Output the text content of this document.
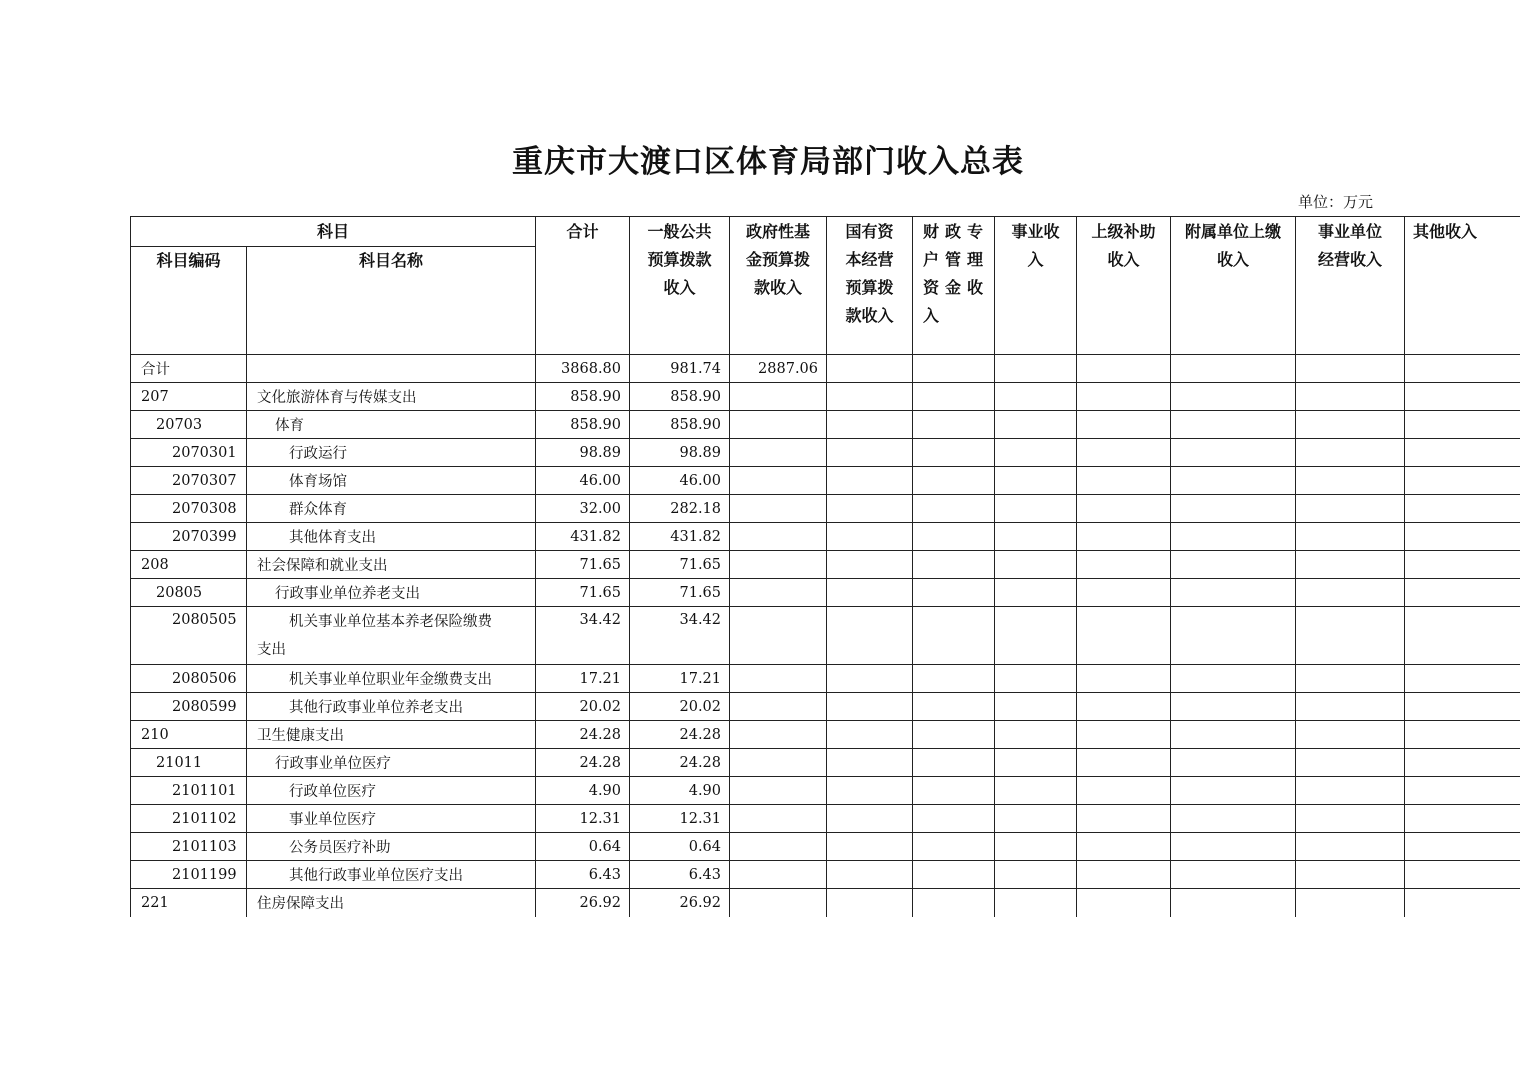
重庆市大渡口区体育局部门收入总表
单位：万元
科目		合计	一般公共预算拨款收入	政府性基金预算拨款收入	国有资本经营预算拨款收入	财政专户管理资金收入	事业收入	上级补助收入	附属单位上缴收入	事业单位经营收入	其他收入
科目编码	科目名称										
合计		3868.80	981.74	2887.06							
207	文化旅游体育与传媒支出	858.90	858.90								
20703	体育	858.90	858.90								
2070301	行政运行	98.89	98.89								
2070307	体育场馆	46.00	46.00								
2070308	群众体育	32.00	282.18								
2070399	其他体育支出	431.82	431.82								
208	社会保障和就业支出	71.65	71.65								
20805	行政事业单位养老支出	71.65	71.65								
2080505	机关事业单位基本养老保险缴费
支出	34.42	34.42								
2080506	机关事业单位职业年金缴费支出	17.21	17.21								
2080599	其他行政事业单位养老支出	20.02	20.02								
210	卫生健康支出	24.28	24.28								
21011	行政事业单位医疗	24.28	24.28								
2101101	行政单位医疗	4.90	4.90								
2101102	事业单位医疗	12.31	12.31								
2101103	公务员医疗补助	0.64	0.64								
2101199	其他行政事业单位医疗支出	6.43	6.43								
221	住房保障支出	26.92	26.92								
